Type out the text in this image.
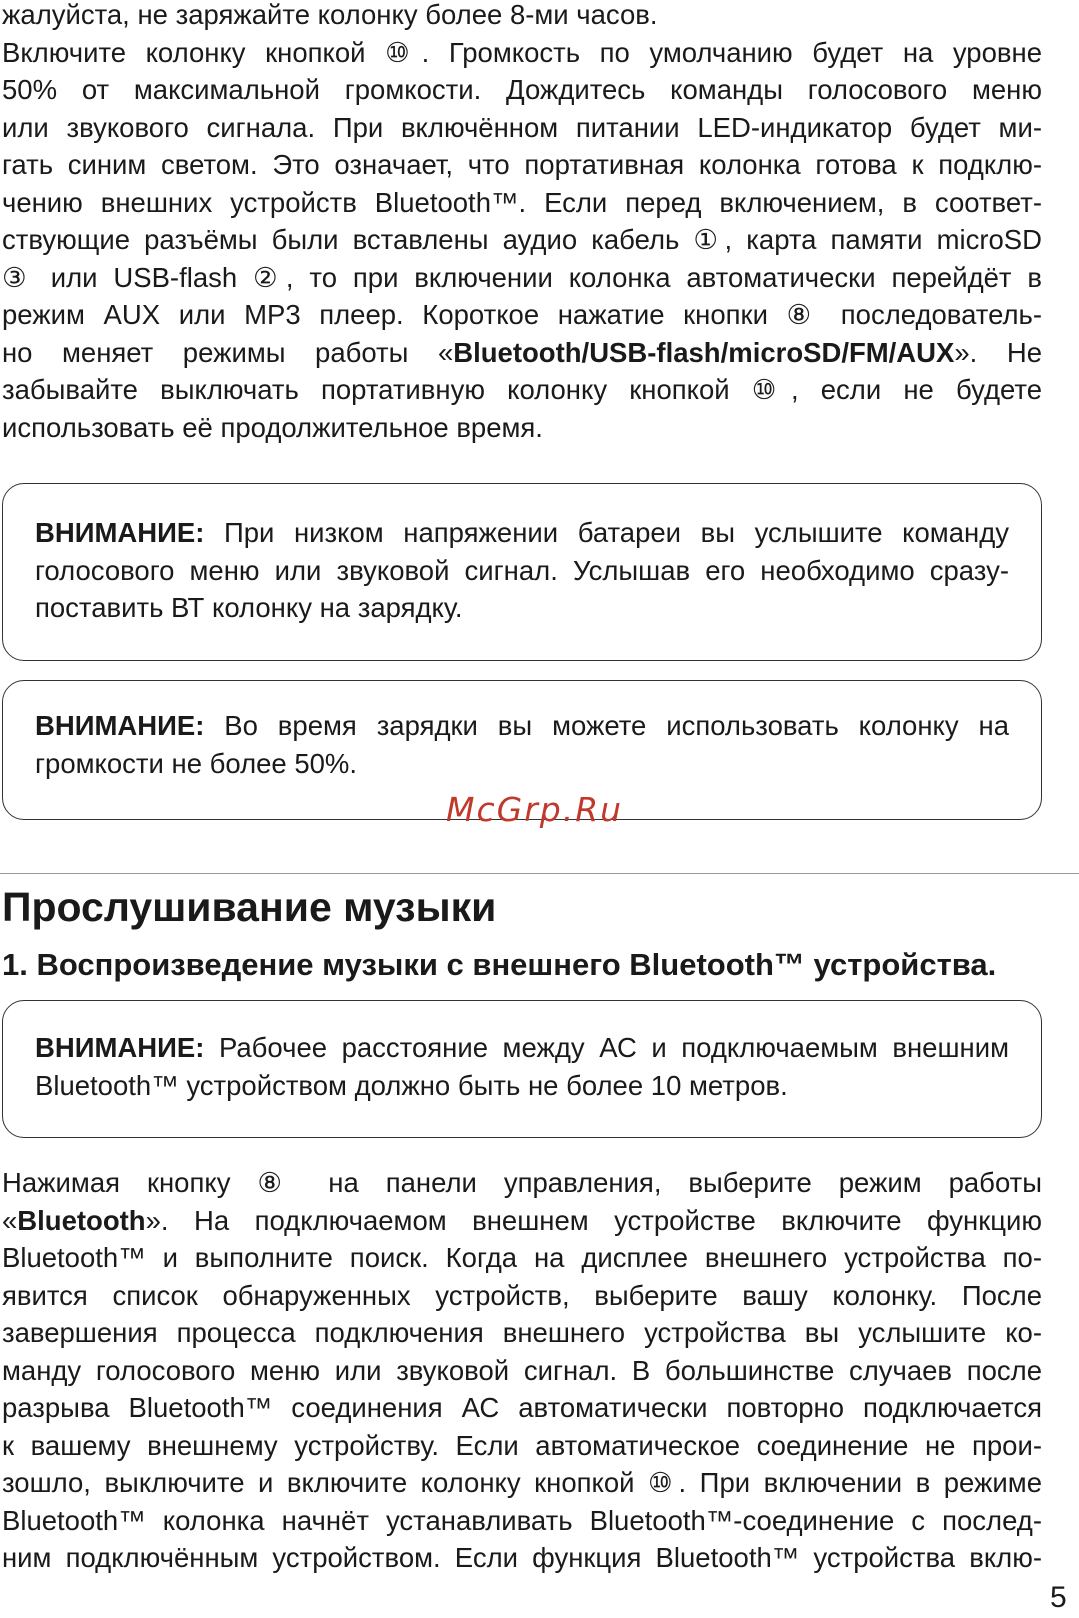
жалуйста, не заряжайте колонку более 8-ми часов.
Включите колонку кнопкой ⑩. Громкость по умолчанию будет на уровне
50% от максимальной громкости. Дождитесь команды голосового меню
или звукового сигнала. При включённом питании LED-индикатор будет ми-
гать синим светом. Это означает, что портативная колонка готова к подклю-
чению внешних устройств Bluetooth™. Если перед включением, в соответ-
ствующие разъёмы были вставлены аудио кабель ①, карта памяти microSD
③ или USB-flash ②, то при включении колонка автоматически перейдёт в
режим AUX или MP3 плеер. Короткое нажатие кнопки ⑧ последователь-
но меняет режимы работы «Bluetooth/USB-flash/microSD/FM/AUX». Не
забывайте выключать портативную колонку кнопкой ⑩, если не будете
использовать её продолжительное время.
ВНИМАНИЕ: При низком напряжении батареи вы услышите команду
голосового меню или звуковой сигнал. Услышав его необходимо сразу-
поставить ВТ колонку на зарядку.
ВНИМАНИЕ: Во время зарядки вы можете использовать колонку на
громкости не более 50%.
McGrp.Ru
Прослушивание музыки
1. Воспроизведение музыки с внешнего Bluetooth™ устройства.
ВНИМАНИЕ: Рабочее расстояние между АС и подключаемым внешним
Bluetooth™ устройством должно быть не более 10 метров.
Нажимая кнопку ⑧ на панели управления, выберите режим работы
«Bluetooth». На подключаемом внешнем устройстве включите функцию
Bluetooth™ и выполните поиск. Когда на дисплее внешнего устройства по-
явится список обнаруженных устройств, выберите вашу колонку. После
завершения процесса подключения внешнего устройства вы услышите ко-
манду голосового меню или звуковой сигнал. В большинстве случаев после
разрыва Bluetooth™ соединения АС автоматически повторно подключается
к вашему внешнему устройству. Если автоматическое соединение не прои-
зошло, выключите и включите колонку кнопкой ⑩. При включении в режиме
Bluetooth™ колонка начнёт устанавливать Bluetooth™-соединение с послед-
ним подключённым устройством. Если функция Bluetooth™ устройства вклю-
5
